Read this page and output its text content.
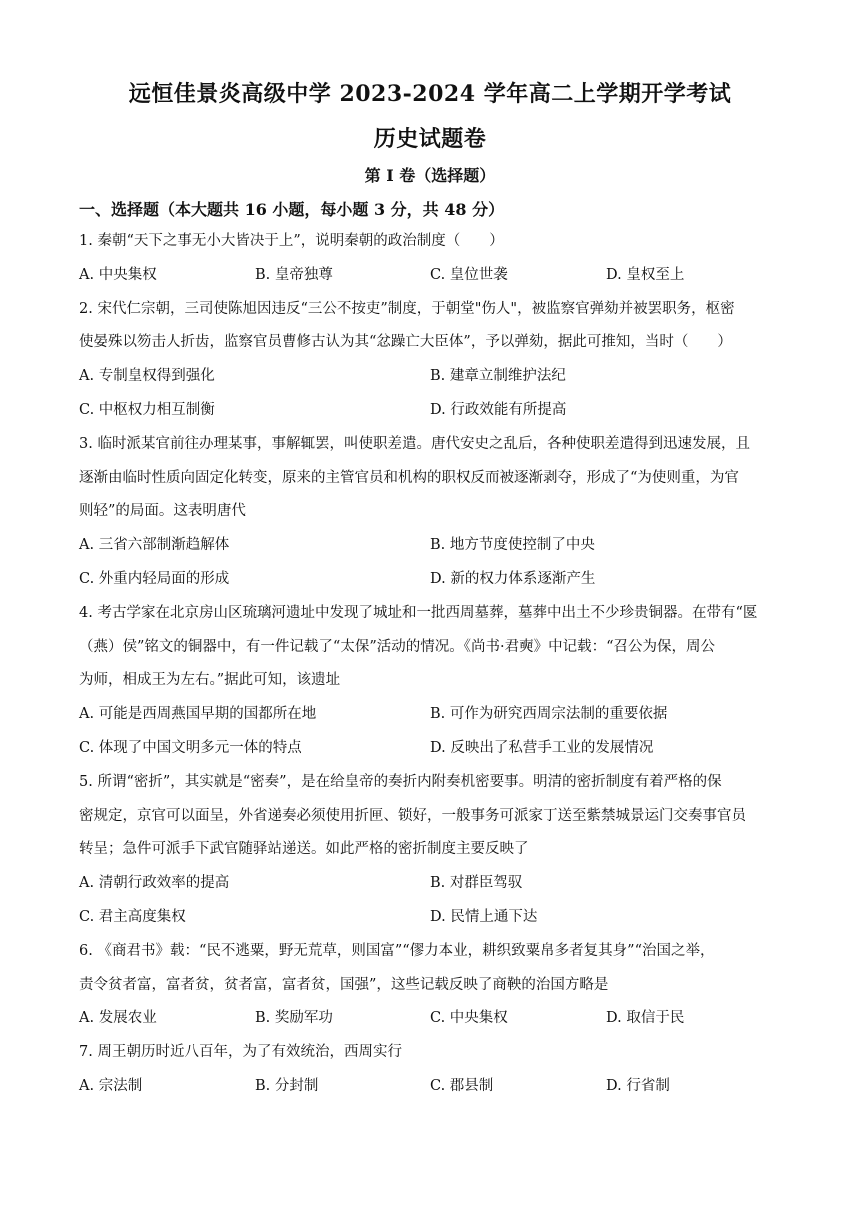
远恒佳景炎高级中学 2023-2024 学年高二上学期开学考试
历史试题卷
第 I 卷（选择题）
一、选择题（本大题共 16 小题，每小题 3 分，共 48 分）
1. 秦朝“天下之事无小大皆决于上”，说明秦朝的政治制度（　　）
A. 中央集权	B. 皇帝独尊	C. 皇位世袭	D. 皇权至上
2. 宋代仁宗朝，三司使陈旭因违反“三公不按吏”制度，于朝堂"伤人"，被监察官弹劾并被罢职务，枢密
使晏殊以笏击人折齿，监察官员曹修古认为其“忿躁亡大臣体”，予以弹劾，据此可推知，当时（　　）
A. 专制皇权得到强化	B. 建章立制维护法纪
C. 中枢权力相互制衡	D. 行政效能有所提高
3. 临时派某官前往办理某事，事解辄罢，叫使职差遣。唐代安史之乱后，各种使职差遣得到迅速发展，且
逐渐由临时性质向固定化转变，原来的主管官员和机构的职权反而被逐渐剥夺，形成了“为使则重，为官
则轻”的局面。这表明唐代
A. 三省六部制渐趋解体	B. 地方节度使控制了中央
C. 外重内轻局面的形成	D. 新的权力体系逐渐产生
4. 考古学家在北京房山区琉璃河遗址中发现了城址和一批西周墓葬，墓葬中出土不少珍贵铜器。在带有“匽
（燕）侯”铭文的铜器中，有一件记载了“太保”活动的情况。《尚书·君奭》中记载：“召公为保，周公
为师，相成王为左右。”据此可知，该遗址
A. 可能是西周燕国早期的国都所在地	B. 可作为研究西周宗法制的重要依据
C. 体现了中国文明多元一体的特点	D. 反映出了私营手工业的发展情况
5. 所谓“密折”，其实就是“密奏”，是在给皇帝的奏折内附奏机密要事。明清的密折制度有着严格的保
密规定，京官可以面呈，外省递奏必须使用折匣、锁好，一般事务可派家丁送至紫禁城景运门交奏事官员
转呈；急件可派手下武官随驿站递送。如此严格的密折制度主要反映了
A. 清朝行政效率的提高	B. 对群臣驾驭
C. 君主高度集权	D. 民情上通下达
6. 《商君书》载：“民不逃粟，野无荒草，则国富”“僇力本业，耕织致粟帛多者复其身”“治国之举，
责令贫者富，富者贫，贫者富，富者贫，国强”，这些记载反映了商鞅的治国方略是
A. 发展农业	B. 奖励军功	C. 中央集权	D. 取信于民
7. 周王朝历时近八百年，为了有效统治，西周实行
A. 宗法制	B. 分封制	C. 郡县制	D. 行省制
